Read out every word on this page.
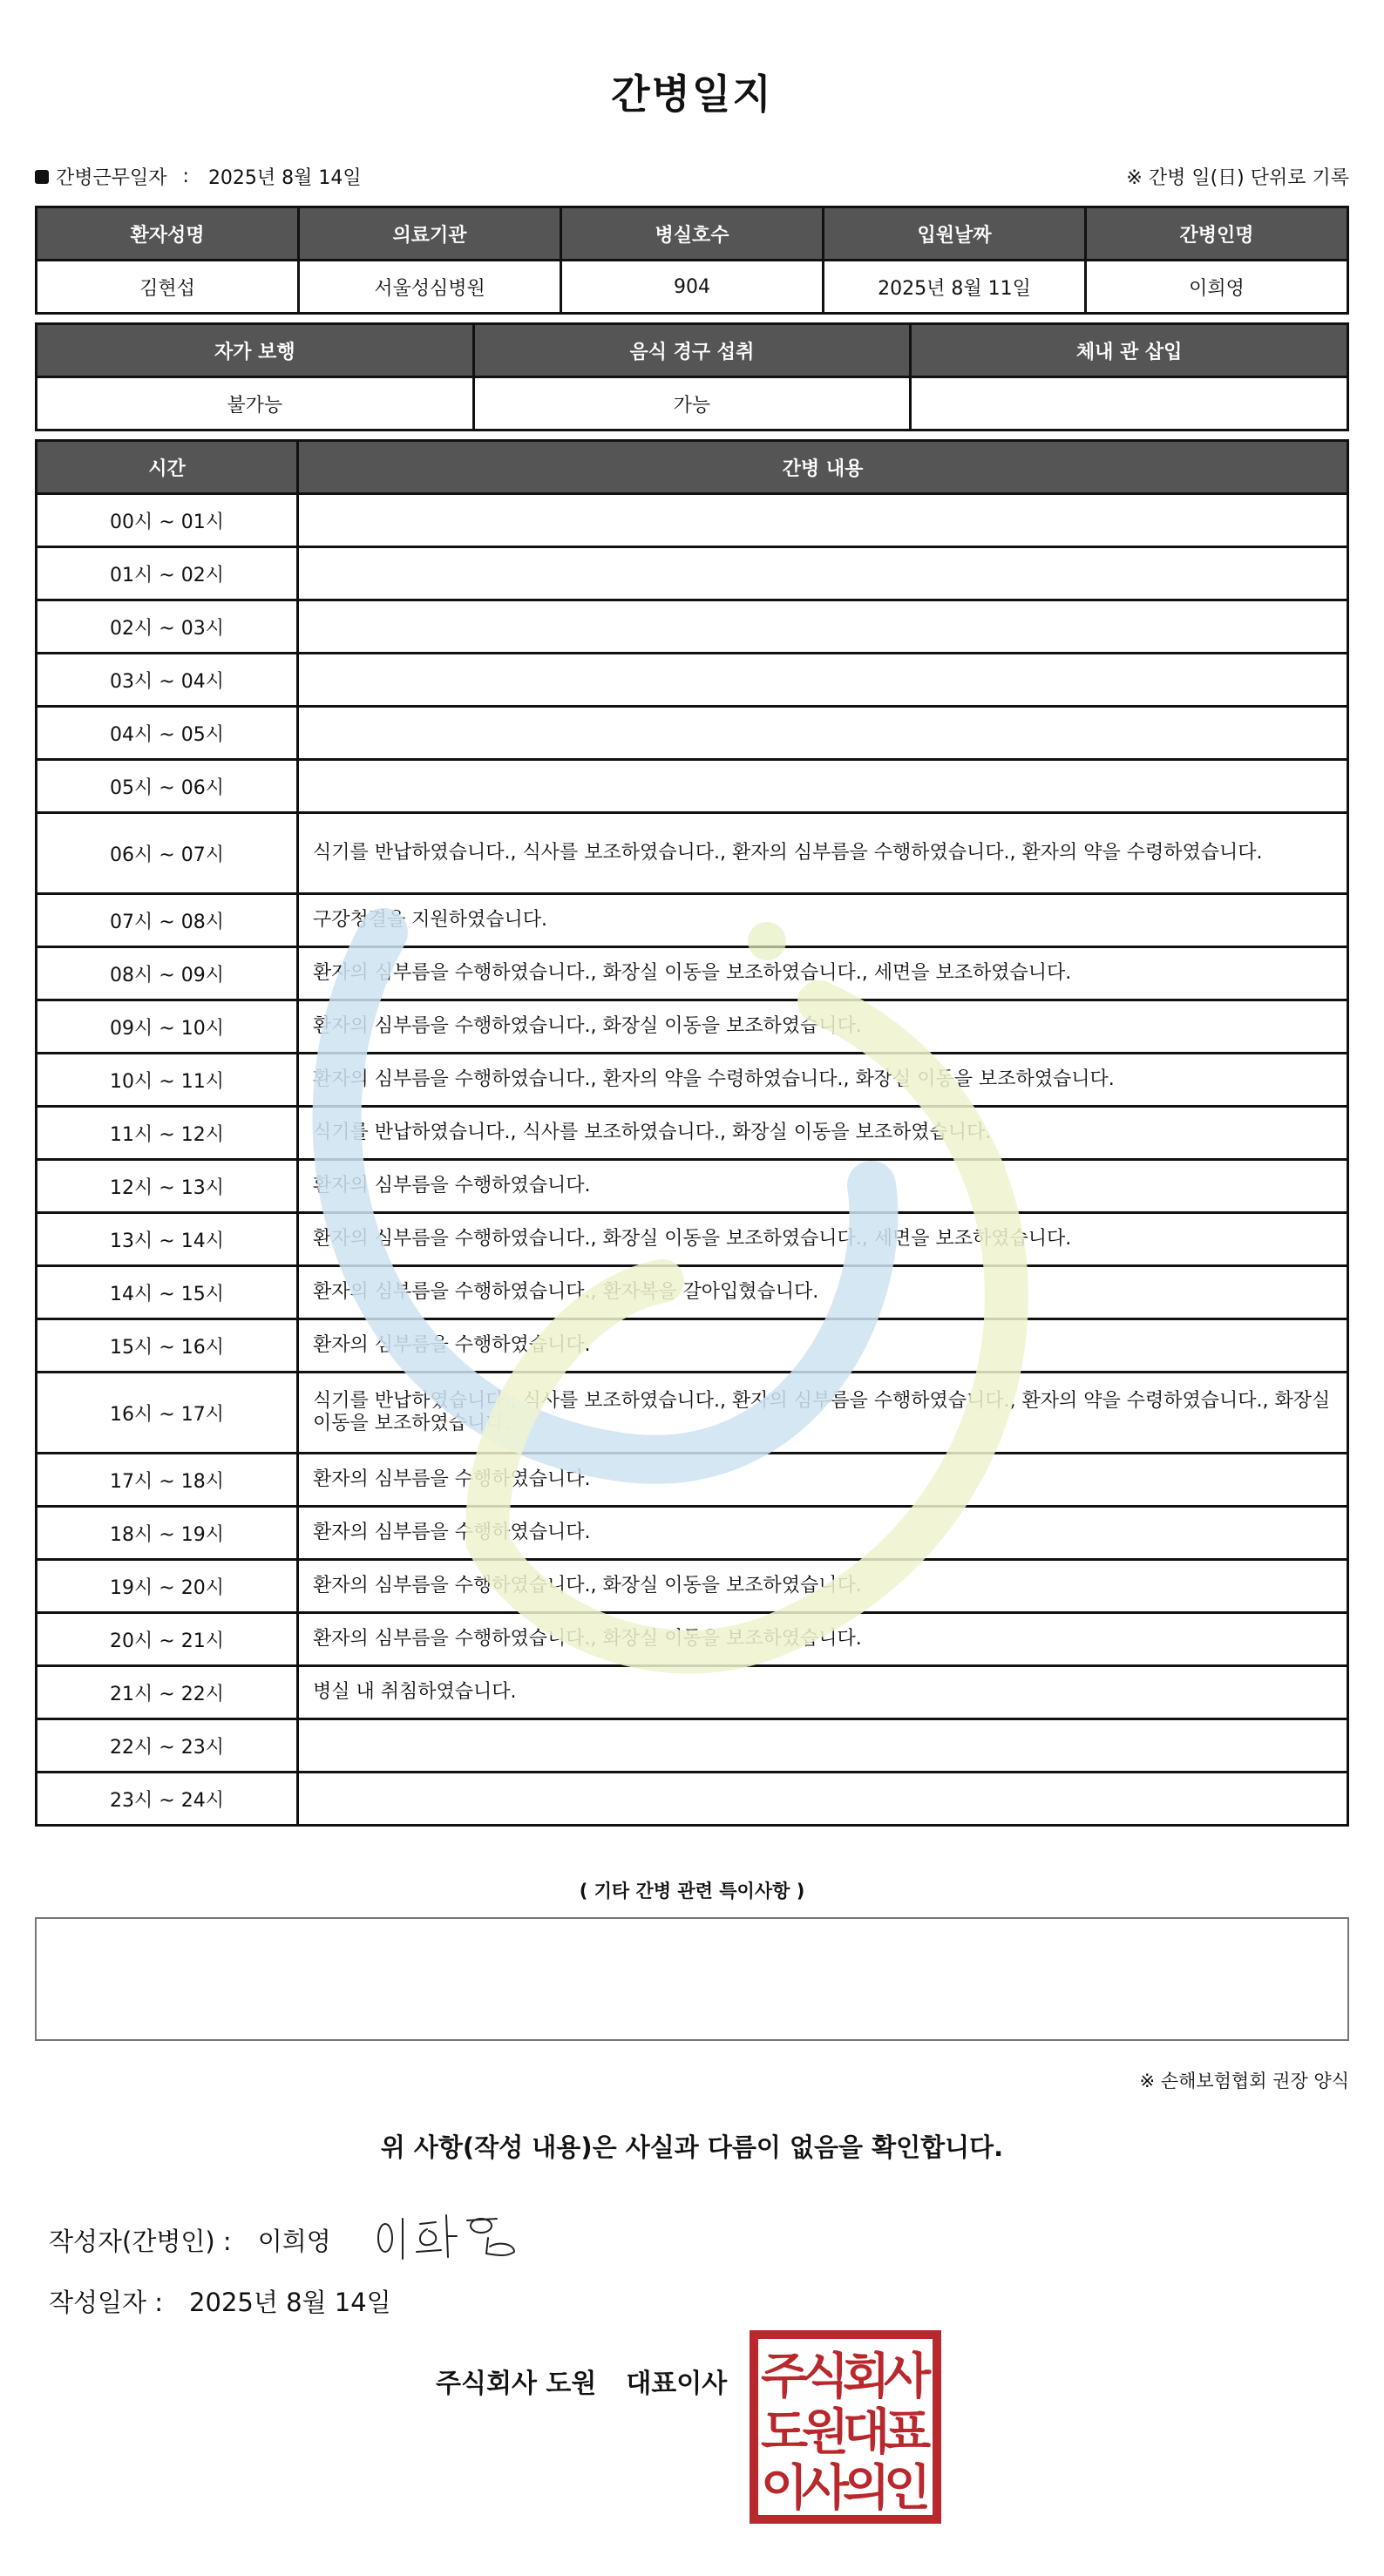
간병일지
간병근무일자 : 2025년 8월 14일	※ 간병 일(日) 단위로 기록
환자성명	의료기관	병실호수	입원날짜	간병인명
김현섭	서울성심병원	904	2025년 8월 11일	이희영
자가 보행	음식 경구 섭취	체내 관 삽입
불가능	가능	
시간	간병 내용
00시 ~ 01시	
01시 ~ 02시	
02시 ~ 03시	
03시 ~ 04시	
04시 ~ 05시	
05시 ~ 06시	
06시 ~ 07시	식기를 반납하였습니다., 식사를 보조하였습니다., 환자의 심부름을 수행하였습니다., 환자의 약을 수령하였습니다.
07시 ~ 08시	구강청결을 지원하였습니다.
08시 ~ 09시	환자의 심부름을 수행하였습니다., 화장실 이동을 보조하였습니다., 세면을 보조하였습니다.
09시 ~ 10시	환자의 심부름을 수행하였습니다., 화장실 이동을 보조하였습니다.
10시 ~ 11시	환자의 심부름을 수행하였습니다., 환자의 약을 수령하였습니다., 화장실 이동을 보조하였습니다.
11시 ~ 12시	식기를 반납하였습니다., 식사를 보조하였습니다., 화장실 이동을 보조하였습니다.
12시 ~ 13시	환자의 심부름을 수행하였습니다.
13시 ~ 14시	환자의 심부름을 수행하였습니다., 화장실 이동을 보조하였습니다., 세면을 보조하였습니다.
14시 ~ 15시	환자의 심부름을 수행하였습니다., 환자복을 갈아입혔습니다.
15시 ~ 16시	환자의 심부름을 수행하였습니다.
16시 ~ 17시	식기를 반납하였습니다., 식사를 보조하였습니다., 환자의 심부름을 수행하였습니다., 환자의 약을 수령하였습니다., 화장실 이동을 보조하였습니다.
17시 ~ 18시	환자의 심부름을 수행하였습니다.
18시 ~ 19시	환자의 심부름을 수행하였습니다.
19시 ~ 20시	환자의 심부름을 수행하였습니다., 화장실 이동을 보조하였습니다.
20시 ~ 21시	환자의 심부름을 수행하였습니다., 화장실 이동을 보조하였습니다.
21시 ~ 22시	병실 내 취침하였습니다.
22시 ~ 23시	
23시 ~ 24시	
( 기타 간병 관련 특이사항 )
※ 손해보험협회 권장 양식
위 사항(작성 내용)은 사실과 다름이 없음을 확인합니다.
작성자(간병인) : 이희영
작성일자 : 2025년 8월 14일
주식회사 도원 대표이사 주
식
회
사
도
원
대
표
이
사
의
인
